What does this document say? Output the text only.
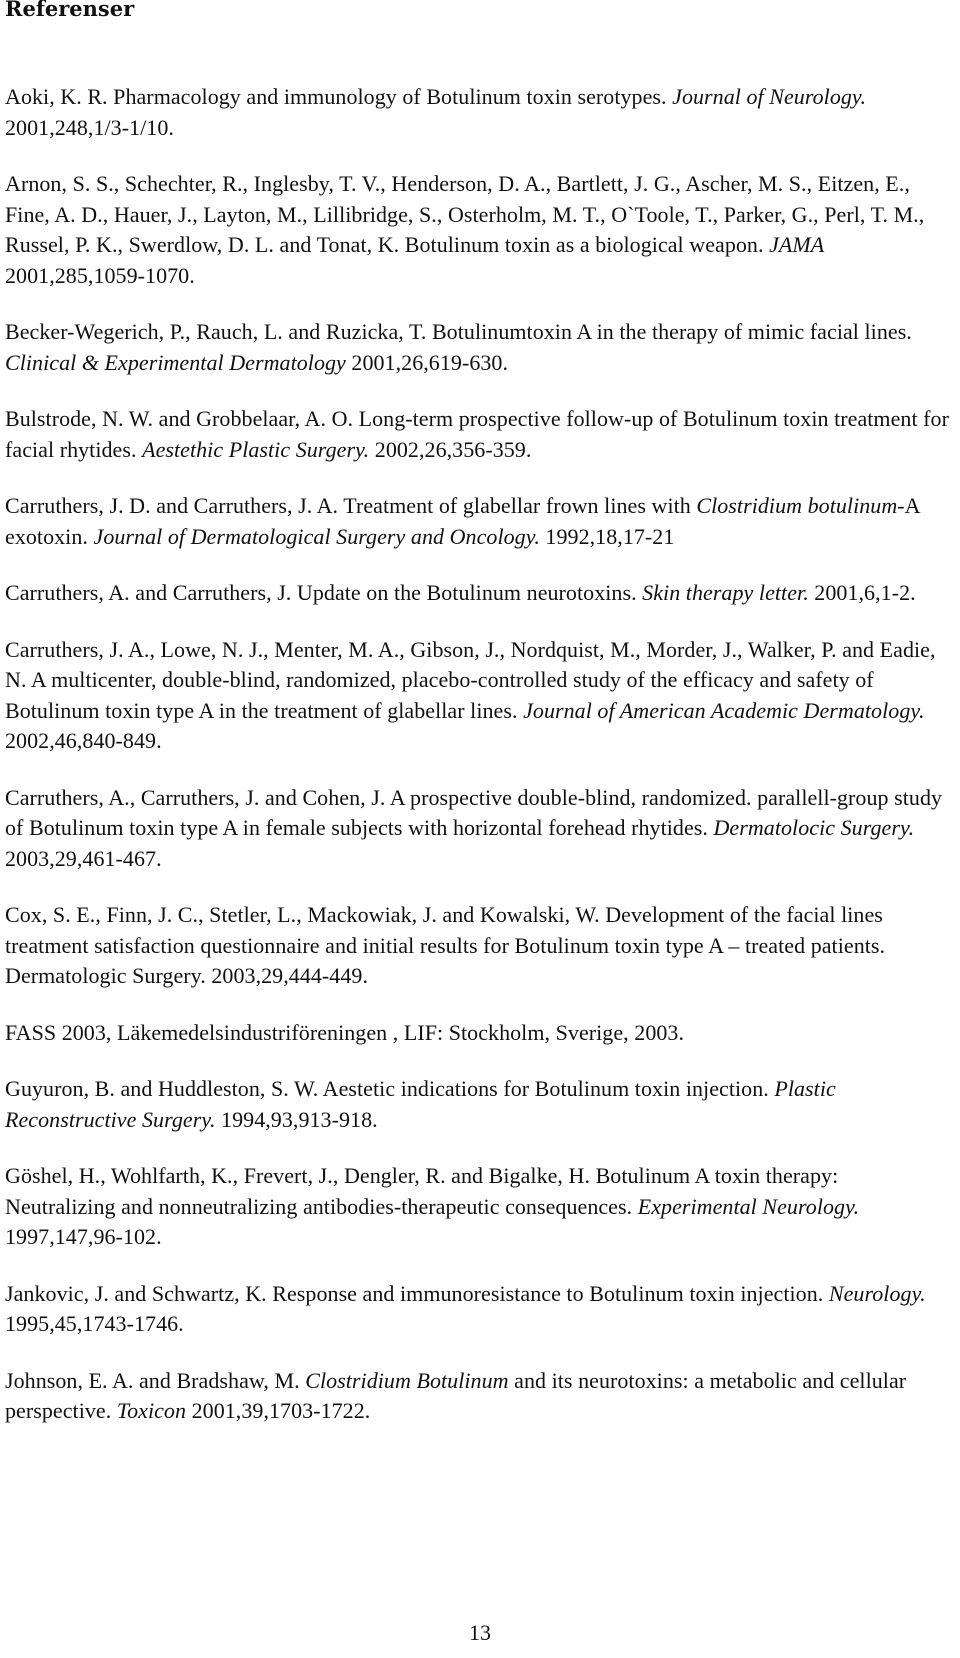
Referenser

Aoki, K. R. Pharmacology and immunology of Botulinum toxin serotypes. Journal of Neurology. 2001,248,1/3-1/10.

Arnon, S. S., Schechter, R., Inglesby, T. V., Henderson, D. A., Bartlett, J. G., Ascher, M. S., Eitzen, E., Fine, A. D., Hauer, J., Layton, M., Lillibridge, S., Osterholm, M. T., O`Toole, T., Parker, G., Perl, T. M., Russel, P. K., Swerdlow, D. L. and Tonat, K. Botulinum toxin as a biological weapon. JAMA 2001,285,1059-1070.

Becker-Wegerich, P., Rauch, L. and Ruzicka, T. Botulinumtoxin A in the therapy of mimic facial lines. Clinical & Experimental Dermatology 2001,26,619-630.

Bulstrode, N. W. and Grobbelaar, A. O. Long-term prospective follow-up of Botulinum toxin treatment for facial rhytides. Aestethic Plastic Surgery. 2002,26,356-359.

Carruthers, J. D. and Carruthers, J. A. Treatment of glabellar frown lines with Clostridium botulinum-A exotoxin. Journal of Dermatological Surgery and Oncology. 1992,18,17-21

Carruthers, A. and Carruthers, J. Update on the Botulinum neurotoxins. Skin therapy letter. 2001,6,1-2.

Carruthers, J. A., Lowe, N. J., Menter, M. A., Gibson, J., Nordquist, M., Morder, J., Walker, P. and Eadie, N. A multicenter, double-blind, randomized, placebo-controlled study of the efficacy and safety of Botulinum toxin type A in the treatment of glabellar lines. Journal of American Academic Dermatology. 2002,46,840-849.

Carruthers, A., Carruthers, J. and Cohen, J. A prospective double-blind, randomized. parallell-group study of Botulinum toxin type A in female subjects with horizontal forehead rhytides. Dermatolocic Surgery. 2003,29,461-467.

Cox, S. E., Finn, J. C., Stetler, L., Mackowiak, J. and Kowalski, W. Development of the facial lines treatment satisfaction questionnaire and initial results for Botulinum toxin type A – treated patients. Dermatologic Surgery. 2003,29,444-449.

FASS 2003, Läkemedelsindustriföreningen , LIF: Stockholm, Sverige, 2003.

Guyuron, B. and Huddleston, S. W. Aestetic indications for Botulinum toxin injection. Plastic Reconstructive Surgery. 1994,93,913-918.

Göshel, H., Wohlfarth, K., Frevert, J., Dengler, R. and Bigalke, H. Botulinum A toxin therapy: Neutralizing and nonneutralizing antibodies-therapeutic consequences. Experimental Neurology. 1997,147,96-102.

Jankovic, J. and Schwartz, K. Response and immunoresistance to Botulinum toxin injection. Neurology. 1995,45,1743-1746.

Johnson, E. A. and Bradshaw, M. Clostridium Botulinum and its neurotoxins: a metabolic and cellular perspective. Toxicon 2001,39,1703-1722.

13
